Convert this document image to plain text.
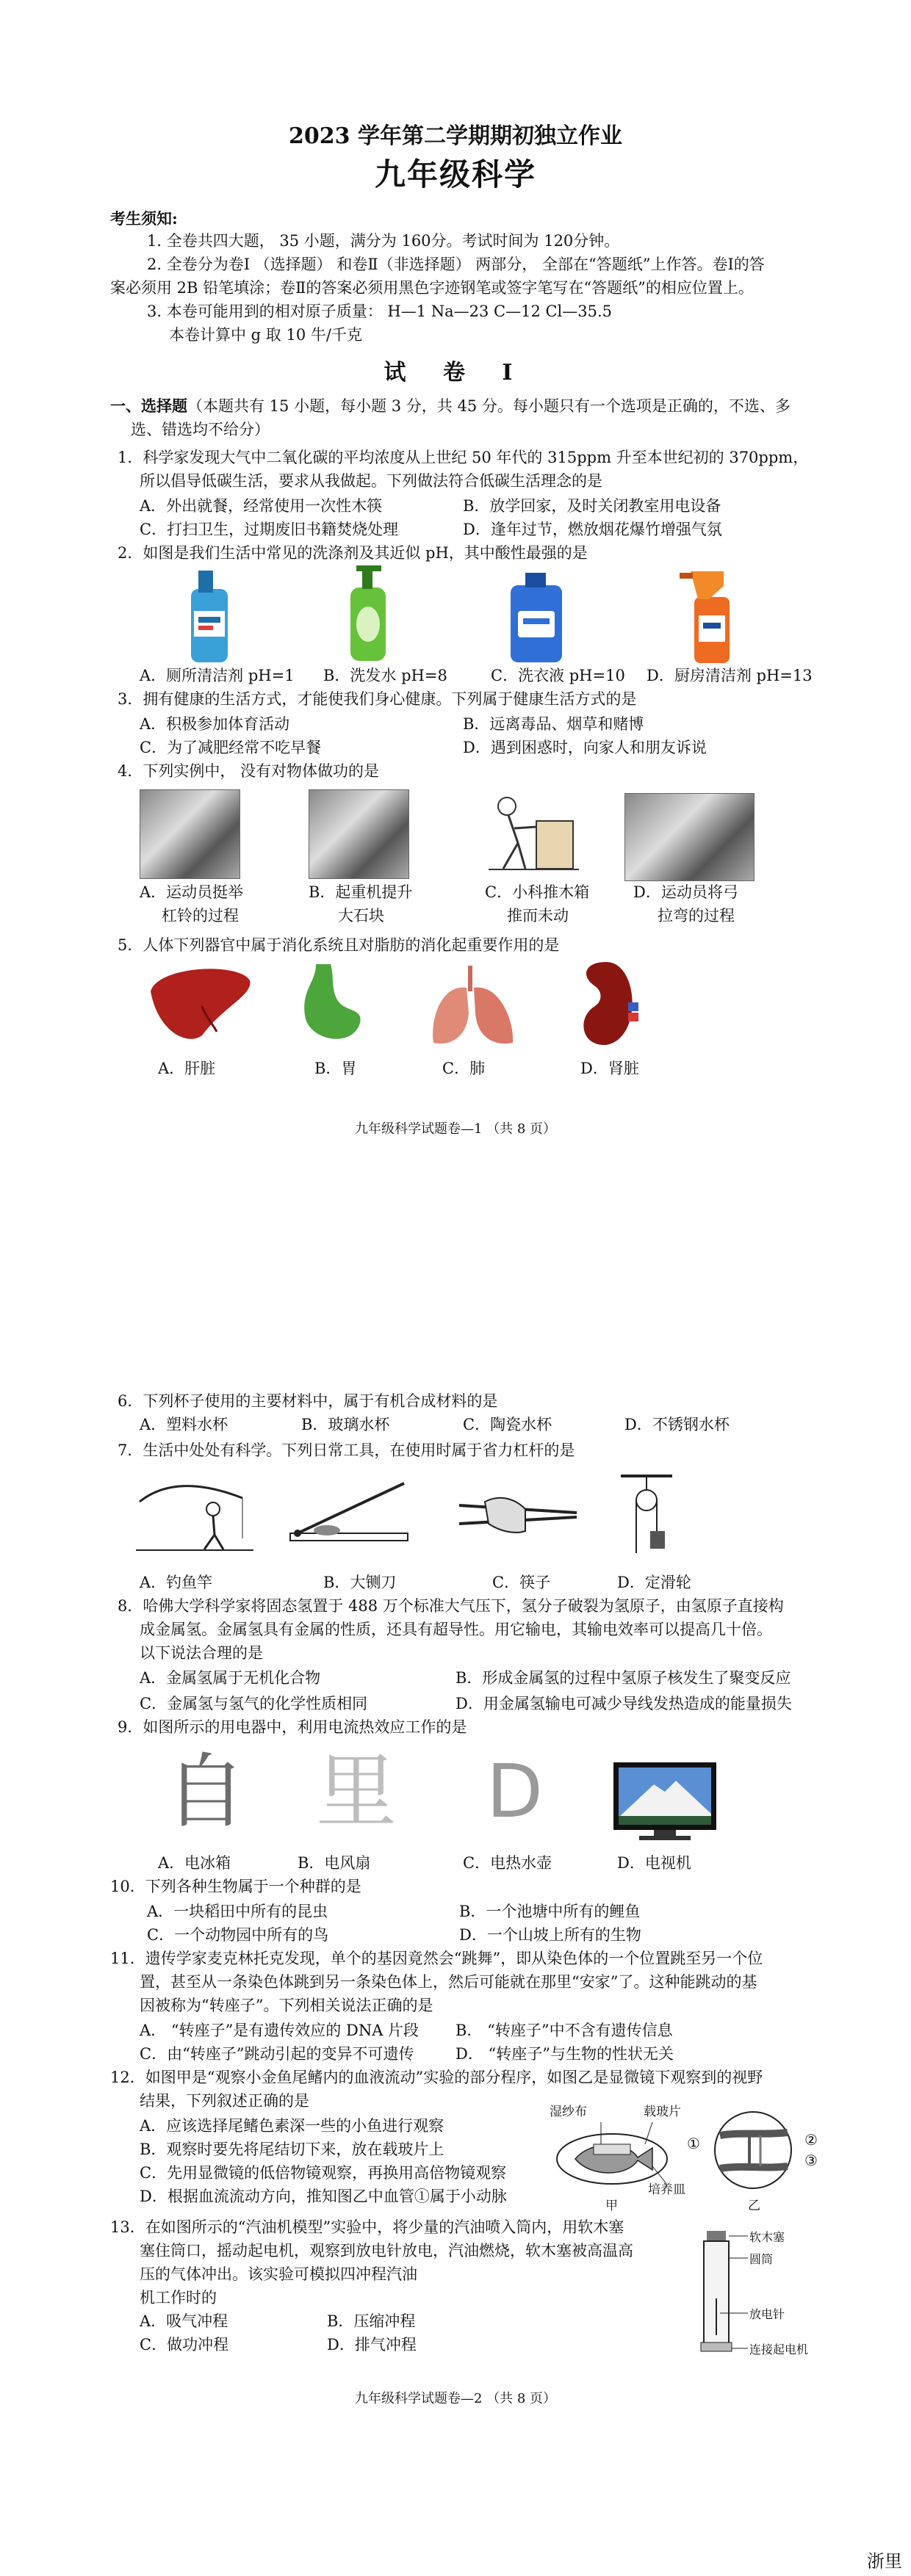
2023 学年第二学期期初独立作业
九年级科学
考生须知:
1. 全卷共四大题， 35 小题，满分为 160分。考试时间为 120分钟。
2. 全卷分为卷Ⅰ （选择题） 和卷Ⅱ（非选择题） 两部分， 全部在“答题纸”上作答。卷Ⅰ的答
案必须用 2B 铅笔填涂；卷Ⅱ的答案必须用黑色字迹钢笔或签字笔写在“答题纸”的相应位置上。
3. 本卷可能用到的相对原子质量： H—1 Na—23 C—12 Cl—35.5
本卷计算中 g 取 10 牛/千克
试 卷 Ⅰ
一、选择题（本题共有 15 小题，每小题 3 分，共 45 分。每小题只有一个选项是正确的，不选、多
选、错选均不给分）
1．科学家发现大气中二氧化碳的平均浓度从上世纪 50 年代的 315ppm 升至本世纪初的 370ppm，
所以倡导低碳生活，要求从我做起。下列做法符合低碳生活理念的是
A．外出就餐，经常使用一次性木筷	B．放学回家，及时关闭教室用电设备
C．打扫卫生，过期废旧书籍焚烧处理	D．逢年过节，燃放烟花爆竹增强气氛
2．如图是我们生活中常见的洗涤剂及其近似 pH，其中酸性最强的是
A．厕所清洁剂 pH=1 B．洗发水 pH=8	C．洗衣液 pH=10 D．厨房清洁剂 pH=13
3．拥有健康的生活方式，才能使我们身心健康。下列属于健康生活方式的是
A．积极参加体育活动	B．远离毒品、烟草和赌博
C．为了减肥经常不吃早餐	D．遇到困惑时，向家人和朋友诉说
4．下列实例中， 没有对物体做功的是
A．运动员挺举
杠铃的过程
B．起重机提升
大石块
C．小科推木箱
推而未动
D．运动员将弓
拉弯的过程
5．人体下列器官中属于消化系统且对脂肪的消化起重要作用的是
A．肝脏	B．胃	C．肺	D．肾脏
九年级科学试题卷—1 （共 8 页）
6．下列杯子使用的主要材料中，属于有机合成材料的是
A．塑料水杯	B．玻璃水杯	C．陶瓷水杯	D．不锈钢水杯
7．生活中处处有科学。下列日常工具，在使用时属于省力杠杆的是
A．钓鱼竿	B．大铡刀	C．筷子	D．定滑轮
8．哈佛大学科学家将固态氢置于 488 万个标准大气压下，氢分子破裂为氢原子，由氢原子直接构
成金属氢。金属氢具有金属的性质，还具有超导性。用它输电，其输电效率可以提高几十倍。
以下说法合理的是
A．金属氢属于无机化合物	B．形成金属氢的过程中氢原子核发生了聚变反应
C．金属氢与氢气的化学性质相同	D．用金属氢输电可减少导线发热造成的能量损失
9．如图所示的用电器中，利用电流热效应工作的是
自 里 D
A．电冰箱	B．电风扇	C．电热水壶	D．电视机
10．下列各种生物属于一个种群的是
A．一块稻田中所有的昆虫	B．一个池塘中所有的鲤鱼
C．一个动物园中所有的鸟	D．一个山坡上所有的生物
11．遗传学家麦克林托克发现，单个的基因竟然会“跳舞”，即从染色体的一个位置跳至另一个位
置，甚至从一条染色体跳到另一条染色体上，然后可能就在那里“安家”了。这种能跳动的基
因被称为“转座子”。下列相关说法正确的是
A． “转座子”是有遗传效应的 DNA 片段 B． “转座子”中不含有遗传信息
C．由“转座子”跳动引起的变异不可遗传	D． “转座子”与生物的性状无关
12．如图甲是“观察小金鱼尾鳍内的血液流动”实验的部分程序，如图乙是显微镜下观察到的视野
结果，下列叙述正确的是
A．应该选择尾鳍色素深一些的小鱼进行观察
B．观察时要先将尾结切下来，放在载玻片上
C．先用显微镜的低倍物镜观察，再换用高倍物镜观察
D．根据血流流动方向，推知图乙中血管①属于小动脉
湿纱布	载玻片
培养皿
甲
①	②
③
乙
13．在如图所示的“汽油机模型”实验中，将少量的汽油喷入筒内，用软木塞
塞住筒口，摇动起电机，观察到放电针放电，汽油燃烧，软木塞被高温高
压的气体冲出。该实验可模拟四冲程汽油
机工作时的
A．吸气冲程	B．压缩冲程
C．做功冲程	D．排气冲程
软木塞
圆筒
放电针
连接起电机
九年级科学试题卷—2 （共 8 页）
浙里
